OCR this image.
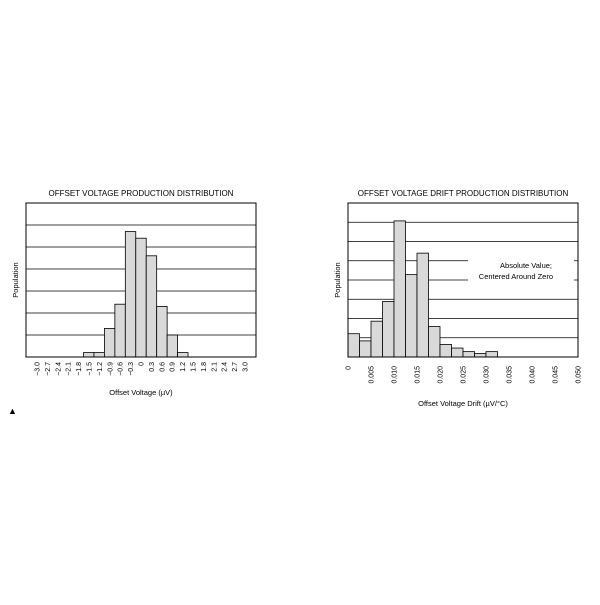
OFFSET VOLTAGE PRODUCTION DISTRIBUTION
−3.0 −2.7 −2.4 −2.1 −1.8 −1.5 −1.2 −0.9 −0.6 −0.3 0 0.3 0.6 0.9 1.2 1.5 1.8 2.1 2.4 2.7 3.0
Offset Voltage (µV)
Population
OFFSET VOLTAGE DRIFT PRODUCTION DISTRIBUTION
Absolute Value;
Centered Around Zero
0 0.005 0.010 0.015 0.020 0.025 0.030 0.035 0.040 0.045 0.050
Offset Voltage Drift (µV/°C)
Population
▲
